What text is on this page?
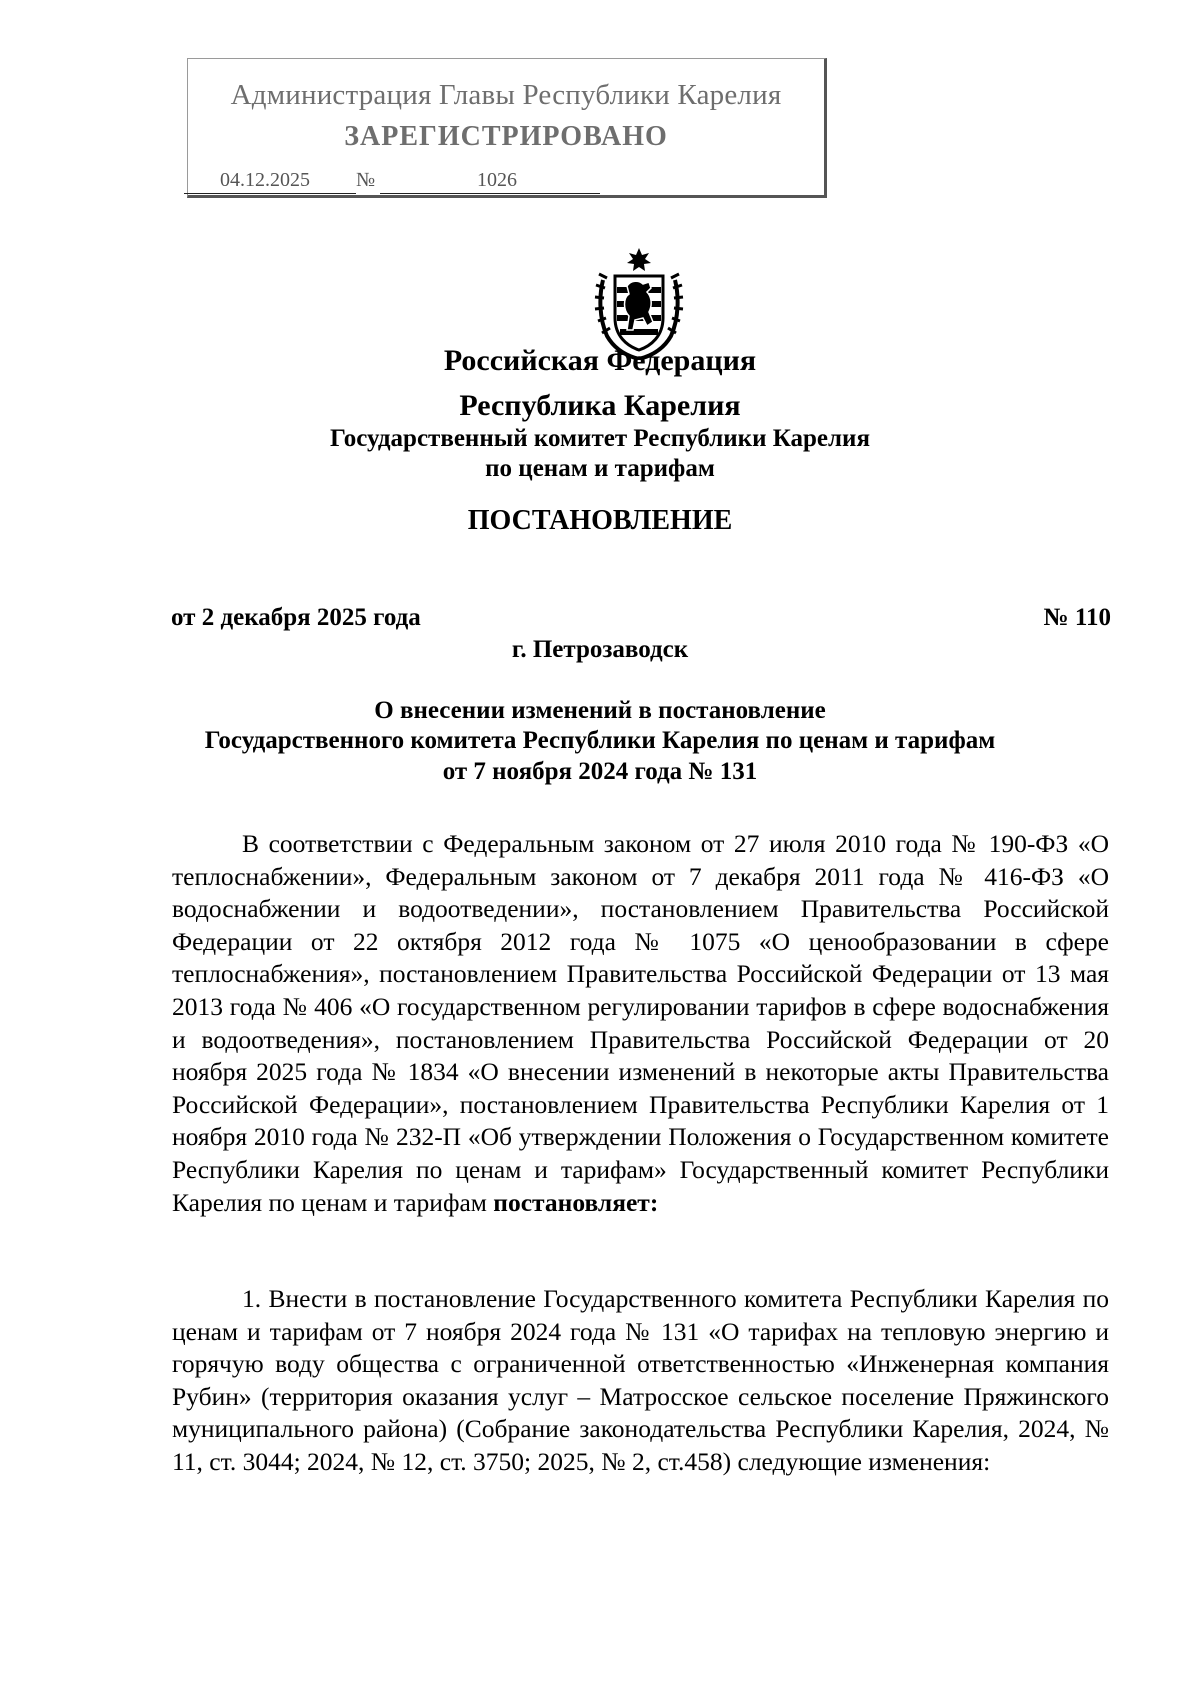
Администрация Главы Республики Карелия
ЗАРЕГИСТРИРОВАНО
04.12.2025 №	1026
Российская Федерация
Республика Карелия
Государственный комитет Республики Карелия
по ценам и тарифам
ПОСТАНОВЛЕНИЕ
от 2 декабря 2025 года	№ 110
г. Петрозаводск
О внесении изменений в постановление
Государственного комитета Республики Карелия по ценам и тарифам
от 7 ноября 2024 года № 131

В соответствии с Федеральным законом от 27 июля 2010 года № 190-ФЗ «О теплоснабжении», Федеральным законом от 7 декабря 2011 года № 416-ФЗ «О водоснабжении и водоотведении», постановлением Правительства Российской Федерации от 22 октября 2012 года № 1075 «О ценообразовании в сфере теплоснабжения», постановлением Правительства Российской Федерации от 13 мая 2013 года № 406 «О государственном регулировании тарифов в сфере водоснабжения и водоотведения», постановлением Правительства Российской Федерации от 20 ноября 2025 года № 1834 «О внесении изменений в некоторые акты Правительства Российской Федерации», постановлением Правительства Республики Карелия от 1 ноября 2010 года № 232-П «Об утверждении Положения о Государственном комитете Республики Карелия по ценам и тарифам» Государственный комитет Республики Карелия по ценам и тарифам постановляет:

1. Внести в постановление Государственного комитета Республики Карелия по ценам и тарифам от 7 ноября 2024 года № 131 «О тарифах на тепловую энергию и горячую воду общества с ограниченной ответственностью «Инженерная компания Рубин» (территория оказания услуг – Матросское сельское поселение Пряжинского муниципального района) (Собрание законодательства Республики Карелия, 2024, № 11, ст. 3044; 2024, № 12, ст. 3750; 2025, № 2, ст.458) следующие изменения:
